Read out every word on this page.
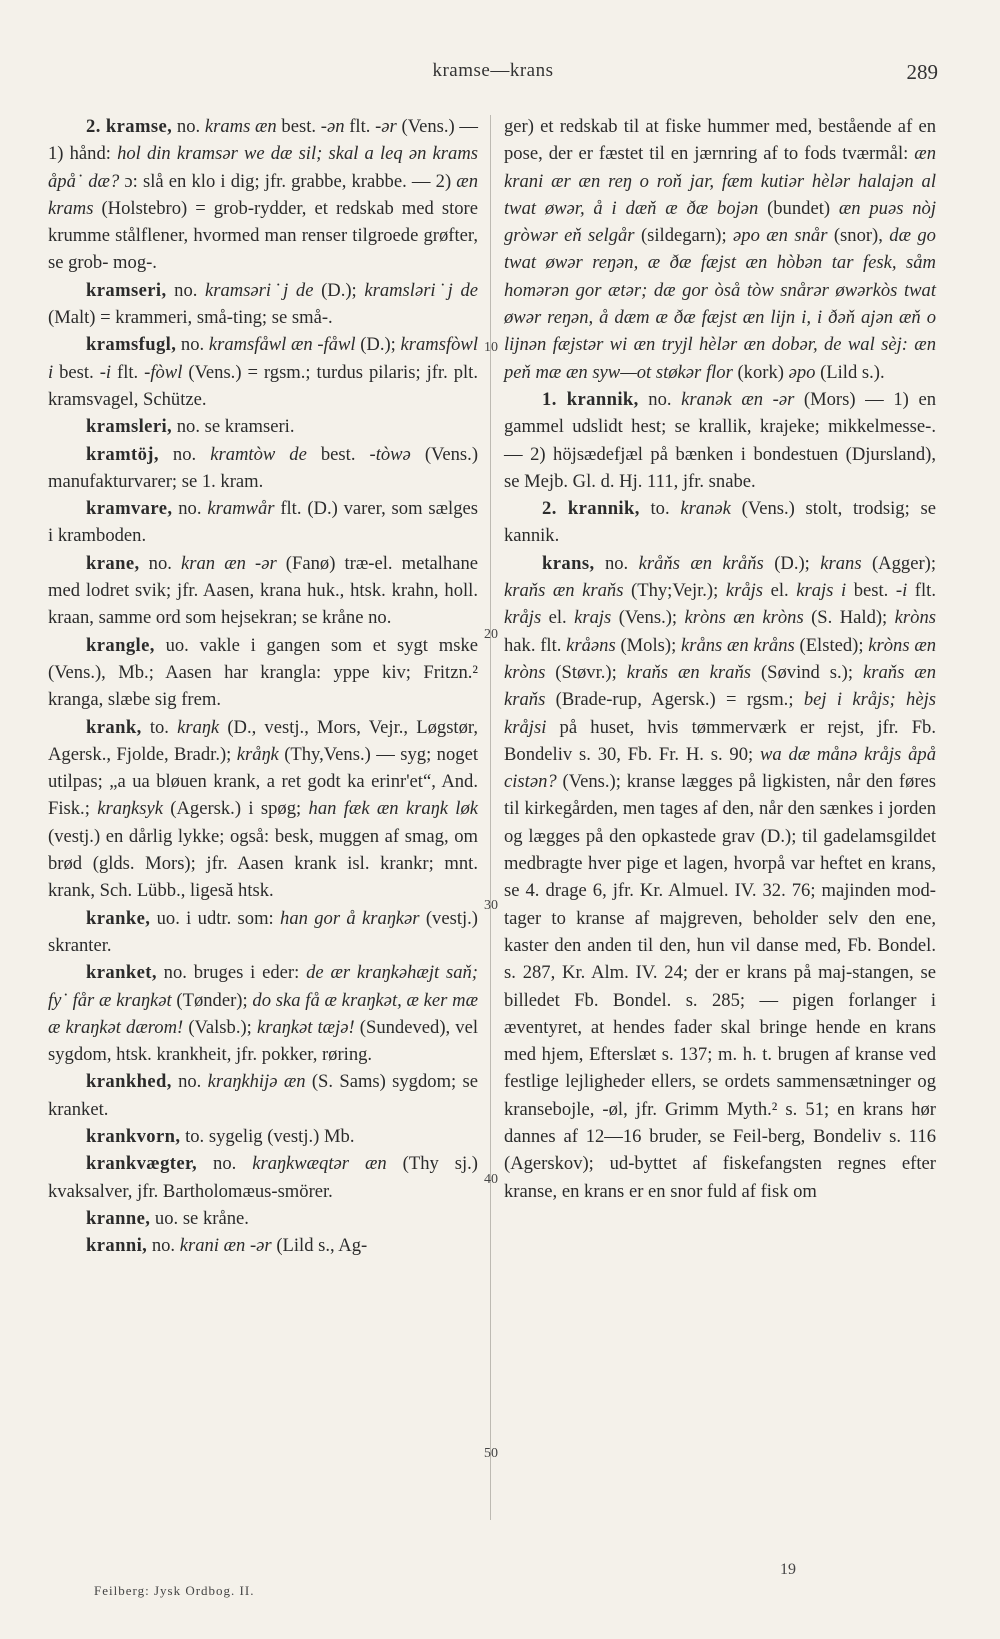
kramse—krans	289

2. kramse, no. krams æn best. -ən flt. -ər (Vens.) — 1) hånd: hol din kramsər we dæ sil; skal a leq ən krams åpå˙ dæ? ɔ: slå en klo i dig; jfr. grabbe, krabbe. — 2) æn krams (Holstebro) = grob-rydder, et redskab med store krumme stålflener, hvormed man renser tilgroede grøfter, se grob- mog-.

kramseri, no. kramsəri˙j de (D.); kramsləri˙j de (Malt) = krammeri, små-ting; se små-.

kramsfugl, no. kramsfåwl æn -fåwl (D.); kramsfòwl i best. -i flt. -fòwl (Vens.) = rgsm.; turdus pilaris; jfr. plt. kramsvagel, Schütze.

kramsleri, no. se kramseri.

kramtöj, no. kramtòw de best. -tòwə (Vens.) manufakturvarer; se 1. kram.

kramvare, no. kramwår flt. (D.) varer, som sælges i kramboden.

krane, no. kran æn -ər (Fanø) træ-el. metalhane med lodret svik; jfr. Aasen, krana huk., htsk. krahn, holl. kraan, samme ord som hejsekran; se kråne no.

krangle, uo. vakle i gangen som et sygt mske (Vens.), Mb.; Aasen har krangla: yppe kiv; Fritzn.² kranga, slæbe sig frem.

krank, to. kraŋk (D., vestj., Mors, Vejr., Løgstør, Agersk., Fjolde, Bradr.); kråŋk (Thy,Vens.) — syg; noget utilpas; „a ua bløuen krank, a ret godt ka erinr'et“, And. Fisk.; kraŋksyk (Agersk.) i spøg; han fæk æn kraŋk løk (vestj.) en dårlig lykke; også: besk, muggen af smag, om brød (glds. Mors); jfr. Aasen krank isl. krankr; mnt. krank, Sch. Lübb., ligesă htsk.

kranke, uo. i udtr. som: han gor å kraŋkər (vestj.) skranter.

kranket, no. bruges i eder: de ær kraŋkəhæjt saň; fy˙ får æ kraŋkət (Tønder); do ska få æ kraŋkət, æ ker mæ æ kraŋkət dærom! (Valsb.); kraŋkət tæjə! (Sundeved), vel sygdom, htsk. krankheit, jfr. pokker, røring.

krankhed, no. kraŋkhijə æn (S. Sams) sygdom; se kranket.

krankvorn, to. sygelig (vestj.) Mb.

krankvægter, no. kraŋkwæqtər æn (Thy sj.) kvaksalver, jfr. Bartholomæus-smörer.

kranne, uo. se kråne.

kranni, no. krani æn -ər (Lild s., Ag-

ger) et redskab til at fiske hummer med, bestående af en pose, der er fæstet til en jærnring af to fods tværmål: æn krani ær æn reŋ o roň jar, fæm kutiər hèlər halajən al twat øwər, å i dæň æ ðæ bojən (bundet) æn puəs nòj gròwər eň selgår (sildegarn); əpo æn snår (snor), dæ go twat øwər reŋən, æ ðæ fæjst æn hòbən tar fesk, såm homərən gor ætər; dæ gor òså tòw snårər øwərkòs twat øwər reŋən, å dæm æ ðæ fæjst æn lijn i, i ðəň ajən æň o lijnən fæjstər wi æn tryjl hèlər æn dobər, de wal sèj: æn peň mæ æn syw—ot støkər flor (kork) əpo (Lild s.).

1. krannik, no. kranək æn -ər (Mors) — 1) en gammel udslidt hest; se krallik, krajeke; mikkelmesse-. — 2) höjsædefjæl på bænken i bondestuen (Djursland), se Mejb. Gl. d. Hj. 111, jfr. snabe.

2. krannik, to. kranək (Vens.) stolt, trodsig; se kannik.

krans, no. kråňs æn kråňs (D.); krans (Agger); kraňs æn kraňs (Thy;Vejr.); kråjs el. krajs i best. -i flt. kråjs el. krajs (Vens.); kròns æn kròns (S. Hald); kròns hak. flt. kråəns (Mols); kråns æn kråns (Elsted); kròns æn kròns (Støvr.); kraňs æn kraňs (Søvind s.); kraňs æn kraňs (Bradе-rup, Agersk.) = rgsm.; bej i kråjs; hèjs kråjsi på huset, hvis tømmerværk er rejst, jfr. Fb. Bondeliv s. 30, Fb. Fr. H. s. 90; wa dæ månə kråjs åpå cistən? (Vens.); kranse lægges på ligkisten, når den føres til kirkegården, men tages af den, når den sænkes i jorden og lægges på den opkastede grav (D.); til gadelamsgildet medbragte hver pige et lagen, hvorpå var heftet en krans, se 4. drage 6, jfr. Kr. Almuel. IV. 32. 76; majinden mod-tager to kranse af majgreven, beholder selv den ene, kaster den anden til den, hun vil danse med, Fb. Bondel. s. 287, Kr. Alm. IV. 24; der er krans på maj-stangen, se billedet Fb. Bondel. s. 285; — pigen forlanger i æventyret, at hendes fader skal bringe hende en krans med hjem, Efterslæt s. 137; m. h. t. brugen af kranse ved festlige lejligheder ellers, se ordets sammensætninger og kransebojle, -øl, jfr. Grimm Myth.² s. 51; en krans hør dannes af 12—16 bruder, se Feil-berg, Bondeliv s. 116 (Agerskov); ud-byttet af fiskefangsten regnes efter kranse, en krans er en snor fuld af fisk om

10
20
30
40
50
Feilberg: Jysk Ordbog. II.
19
